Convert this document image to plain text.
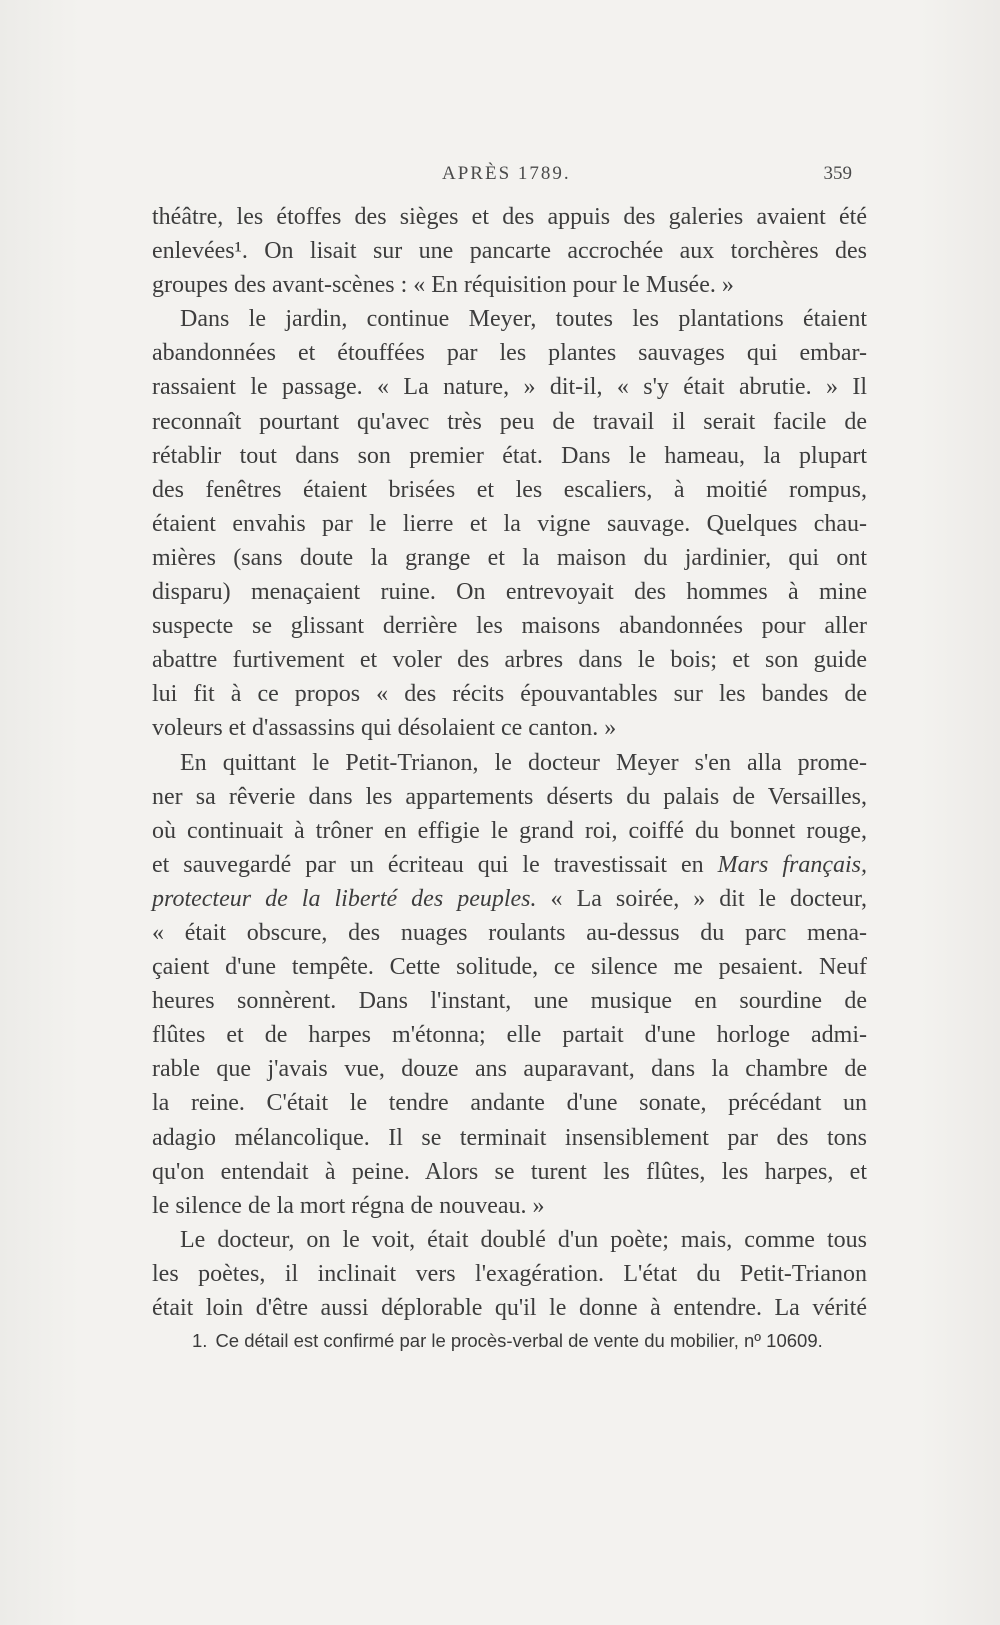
APRÈS 1789.	359
théâtre, les étoffes des sièges et des appuis des galeries avaient été
enlevées¹. On lisait sur une pancarte accrochée aux torchères des
groupes des avant-scènes : « En réquisition pour le Musée. »
Dans le jardin, continue Meyer, toutes les plantations étaient
abandonnées et étouffées par les plantes sauvages qui embar-
rassaient le passage. « La nature, » dit-il, « s'y était abrutie. » Il
reconnaît pourtant qu'avec très peu de travail il serait facile de
rétablir tout dans son premier état. Dans le hameau, la plupart
des fenêtres étaient brisées et les escaliers, à moitié rompus,
étaient envahis par le lierre et la vigne sauvage. Quelques chau-
mières (sans doute la grange et la maison du jardinier, qui ont
disparu) menaçaient ruine. On entrevoyait des hommes à mine
suspecte se glissant derrière les maisons abandonnées pour aller
abattre furtivement et voler des arbres dans le bois; et son guide
lui fit à ce propos « des récits épouvantables sur les bandes de
voleurs et d'assassins qui désolaient ce canton. »
En quittant le Petit-Trianon, le docteur Meyer s'en alla prome-
ner sa rêverie dans les appartements déserts du palais de Versailles,
où continuait à trôner en effigie le grand roi, coiffé du bonnet rouge,
et sauvegardé par un écriteau qui le travestissait en Mars français,
protecteur de la liberté des peuples. « La soirée, » dit le docteur,
« était obscure, des nuages roulants au-dessus du parc mena-
çaient d'une tempête. Cette solitude, ce silence me pesaient. Neuf
heures sonnèrent. Dans l'instant, une musique en sourdine de
flûtes et de harpes m'étonna; elle partait d'une horloge admi-
rable que j'avais vue, douze ans auparavant, dans la chambre de
la reine. C'était le tendre andante d'une sonate, précédant un
adagio mélancolique. Il se terminait insensiblement par des tons
qu'on entendait à peine. Alors se turent les flûtes, les harpes, et
le silence de la mort régna de nouveau. »
Le docteur, on le voit, était doublé d'un poète; mais, comme tous
les poètes, il inclinait vers l'exagération. L'état du Petit-Trianon
était loin d'être aussi déplorable qu'il le donne à entendre. La vérité
1. Ce détail est confirmé par le procès-verbal de vente du mobilier, nº 10609.
